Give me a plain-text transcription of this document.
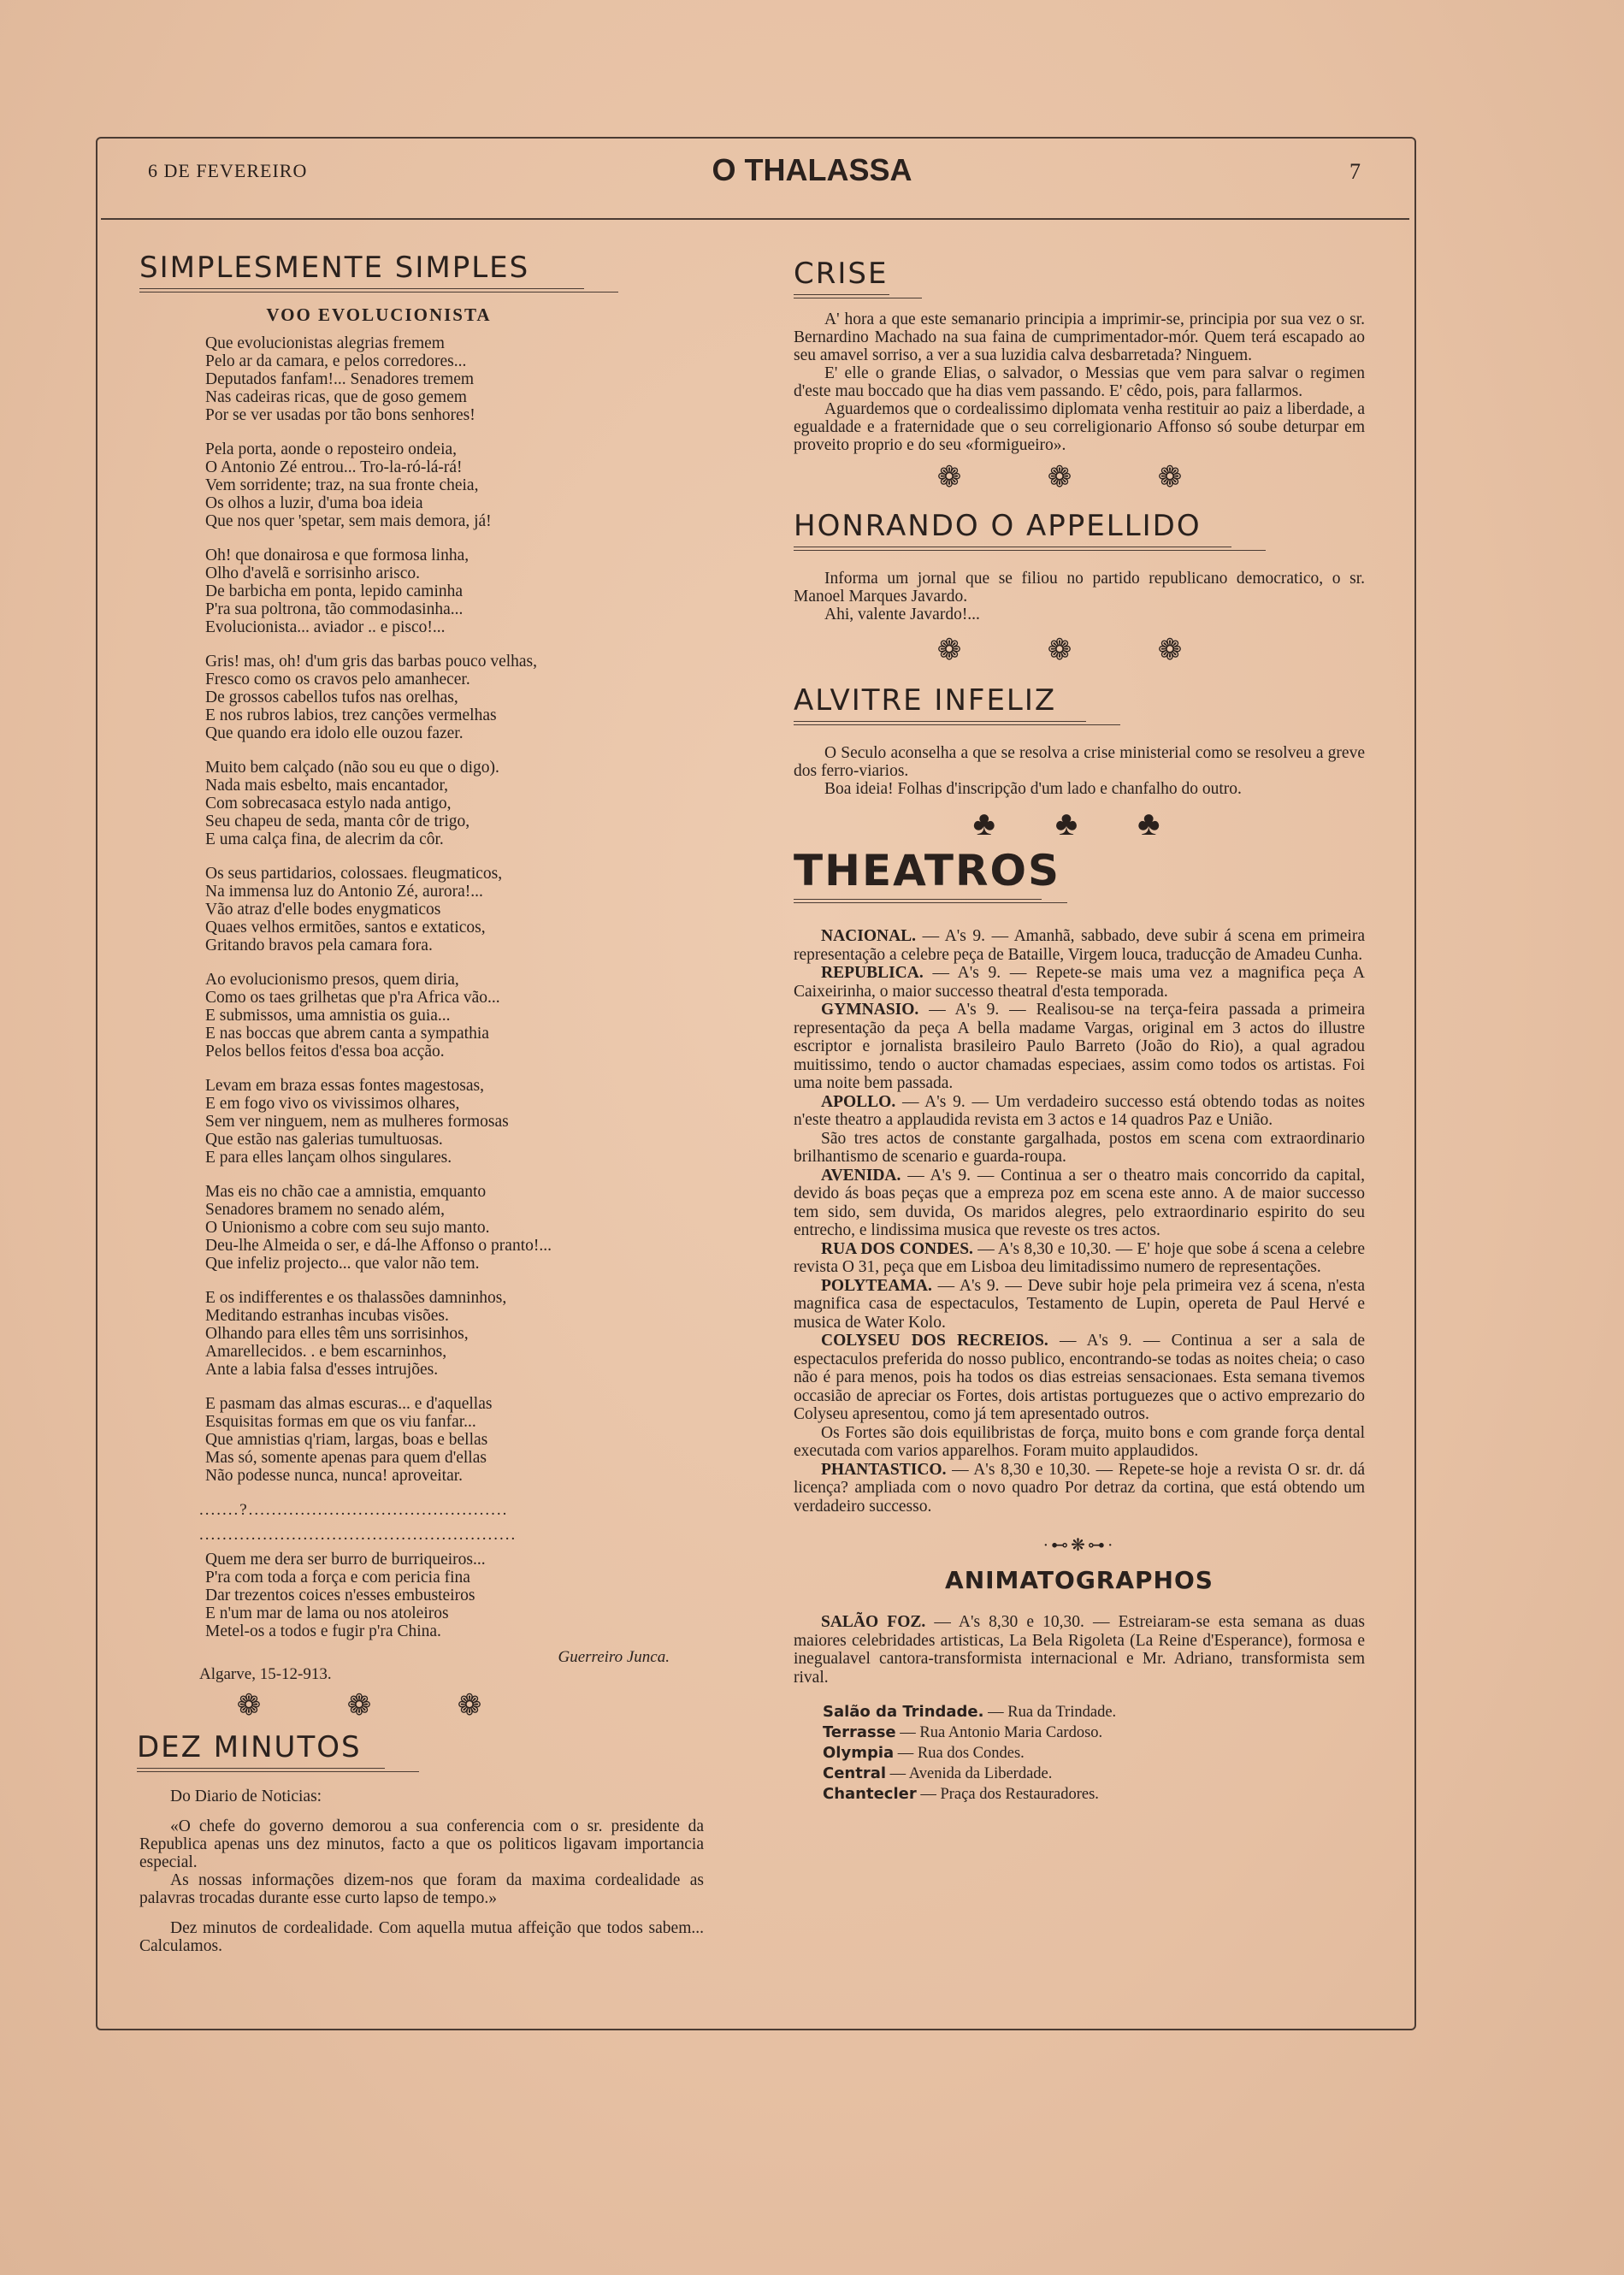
6 DE FEVEREIRO	O THALASSA	7
SIMPLESMENTE SIMPLES
VOO EVOLUCIONISTA
Que evolucionistas alegrias fremem
Pelo ar da camara, e pelos corredores...
Deputados fanfam!... Senadores tremem
Nas cadeiras ricas, que de goso gemem
Por se ver usadas por tão bons senhores!
Pela porta, aonde o reposteiro ondeia,
O Antonio Zé entrou... Tro-la-ró-lá-rá!
Vem sorridente; traz, na sua fronte cheia,
Os olhos a luzir, d'uma boa ideia
Que nos quer 'spetar, sem mais demora, já!
Oh! que donairosa e que formosa linha,
Olho d'avelã e sorrisinho arisco.
De barbicha em ponta, lepido caminha
P'ra sua poltrona, tão commodasinha...
Evolucionista... aviador .. e pisco!...
Gris! mas, oh! d'um gris das barbas pouco velhas,
Fresco como os cravos pelo amanhecer.
De grossos cabellos tufos nas orelhas,
E nos rubros labios, trez canções vermelhas
Que quando era idolo elle ouzou fazer.
Muito bem calçado (não sou eu que o digo).
Nada mais esbelto, mais encantador,
Com sobrecasaca estylo nada antigo,
Seu chapeu de seda, manta côr de trigo,
E uma calça fina, de alecrim da côr.
Os seus partidarios, colossaes. fleugmaticos,
Na immensa luz do Antonio Zé, aurora!...
Vão atraz d'elle bodes enygmaticos
Quaes velhos ermitões, santos e extaticos,
Gritando bravos pela camara fora.
Ao evolucionismo presos, quem diria,
Como os taes grilhetas que p'ra Africa vão...
E submissos, uma amnistia os guia...
E nas boccas que abrem canta a sympathia
Pelos bellos feitos d'essa boa acção.
Levam em braza essas fontes magestosas,
E em fogo vivo os vivissimos olhares,
Sem ver ninguem, nem as mulheres formosas
Que estão nas galerias tumultuosas.
E para elles lançam olhos singulares.
Mas eis no chão cae a amnistia, emquanto
Senadores bramem no senado além,
O Unionismo a cobre com seu sujo manto.
Deu-lhe Almeida o ser, e dá-lhe Affonso o pranto!...
Que infeliz projecto... que valor não tem.
E os indifferentes e os thalassões damninhos,
Meditando estranhas incubas visões.
Olhando para elles têm uns sorrisinhos,
Amarellecidos. . e bem escarninhos,
Ante a labia falsa d'esses intrujões.
E pasmam das almas escuras... e d'aquellas
Esquisitas formas em que os viu fanfar...
Que amnistias q'riam, largas, boas e bellas
Mas só, somente apenas para quem d'ellas
Não podesse nunca, nunca! aproveitar.
.......?.............................................
.......................................................
Quem me dera ser burro de burriqueiros...
P'ra com toda a força e com pericia fina
Dar trezentos coices n'esses embusteiros
E n'um mar de lama ou nos atoleiros
Metel-os a todos e fugir p'ra China.
Guerreiro Junca.
Algarve, 15-12-913.
❁ ❁ ❁
DEZ MINUTOS

Do Diario de Noticias:

«O chefe do governo demorou a sua conferencia com o sr. presidente da Republica apenas uns dez minutos, facto a que os politicos ligavam importancia especial.

As nossas informações dizem-nos que foram da maxima cordealidade as palavras trocadas durante esse curto lapso de tempo.»

Dez minutos de cordealidade. Com aquella mutua affeição que todos sabem... Calculamos.

CRISE

A' hora a que este semanario principia a imprimir-se, principia por sua vez o sr. Bernardino Machado na sua faina de cumprimentador-mór. Quem terá escapado ao seu amavel sorriso, a ver a sua luzidia calva desbarretada? Ninguem.

E' elle o grande Elias, o salvador, o Messias que vem para salvar o regimen d'este mau boccado que ha dias vem passando. E' cêdo, pois, para fallarmos.

Aguardemos que o cordealissimo diplomata venha restituir ao paiz a liberdade, a egualdade e a fraternidade que o seu correligionario Affonso só soube deturpar em proveito proprio e do seu «formigueiro».

❁ ❁ ❁
HONRANDO O APPELLIDO

Informa um jornal que se filiou no partido republicano democratico, o sr. Manoel Marques Javardo.

Ahi, valente Javardo!...

❁ ❁ ❁
ALVITRE INFELIZ

O Seculo aconselha a que se resolva a crise ministerial como se resolveu a greve dos ferro-viarios.

Boa ideia! Folhas d'inscripção d'um lado e chanfalho do outro.

♣ ♣ ♣
THEATROS

NACIONAL. — A's 9. — Amanhã, sabbado, deve subir á scena em primeira representação a celebre peça de Bataille, Virgem louca, traducção de Amadeu Cunha.

REPUBLICA. — A's 9. — Repete-se mais uma vez a magnifica peça A Caixeirinha, o maior successo theatral d'esta temporada.

GYMNASIO. — A's 9. — Realisou-se na terça-feira passada a primeira representação da peça A bella madame Vargas, original em 3 actos do illustre escriptor e jornalista brasileiro Paulo Barreto (João do Rio), a qual agradou muitissimo, tendo o auctor chamadas especiaes, assim como todos os artistas. Foi uma noite bem passada.

APOLLO. — A's 9. — Um verdadeiro successo está obtendo todas as noites n'este theatro a applaudida revista em 3 actos e 14 quadros Paz e União.

São tres actos de constante gargalhada, postos em scena com extraordinario brilhantismo de scenario e guarda-roupa.

AVENIDA. — A's 9. — Continua a ser o theatro mais concorrido da capital, devido ás boas peças que a empreza poz em scena este anno. A de maior successo tem sido, sem duvida, Os maridos alegres, pelo extraordinario espirito do seu entrecho, e lindissima musica que reveste os tres actos.

RUA DOS CONDES. — A's 8,30 e 10,30. — E' hoje que sobe á scena a celebre revista O 31, peça que em Lisboa deu limitadissimo numero de representações.

POLYTEAMA. — A's 9. — Deve subir hoje pela primeira vez á scena, n'esta magnifica casa de espectaculos, Testamento de Lupin, opereta de Paul Hervé e musica de Water Kolo.

COLYSEU DOS RECREIOS. — A's 9. — Continua a ser a sala de espectaculos preferida do nosso publico, encontrando-se todas as noites cheia; o caso não é para menos, pois ha todos os dias estreias sensacionaes. Esta semana tivemos occasião de apreciar os Fortes, dois artistas portuguezes que o activo emprezario do Colyseu apresentou, como já tem apresentado outros.

Os Fortes são dois equilibristas de força, muito bons e com grande força dental executada com varios apparelhos. Foram muito applaudidos.

PHANTASTICO. — A's 8,30 e 10,30. — Repete-se hoje a revista O sr. dr. dá licença? ampliada com o novo quadro Por detraz da cortina, que está obtendo um verdadeiro successo.

·⊷❋⊶·
ANIMATOGRAPHOS

SALÃO FOZ. — A's 8,30 e 10,30. — Estreiaram-se esta semana as duas maiores celebridades artisticas, La Bela Rigoleta (La Reine d'Esperance), formosa e inegualavel cantora-transformista internacional e Mr. Adriano, transformista sem rival.

Salão da Trindade. — Rua da Trindade.
Terrasse — Rua Antonio Maria Cardoso.
Olympia — Rua dos Condes.
Central — Avenida da Liberdade.
Chantecler — Praça dos Restauradores.
